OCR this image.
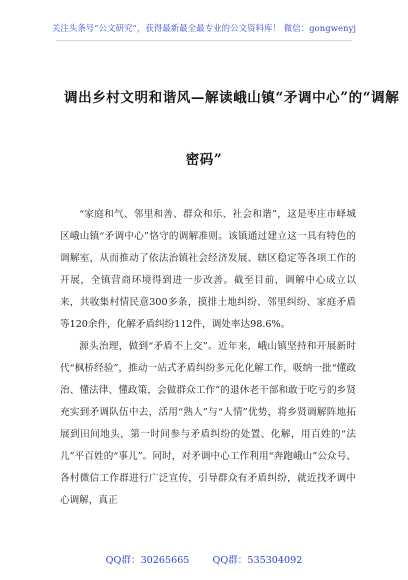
关注头条号“公文研究”，获得最新最全最专业的公文资料库！ 微信：gongwenyj
调出乡村文明和谐风—解读峨山镇“矛调中心”的“调解
密码”

“家庭和气、邻里和善、群众和乐、社会和谐”，这是枣庄市峄城区峨山镇“矛调中心”恪守的调解准则。该镇通过建立这一具有特色的调解室，从而推动了依法治镇社会经济发展、辖区稳定等各项工作的开展，全镇营商环境得到进一步改善。截至目前，调解中心成立以来，共收集村情民意300多条，摸排土地纠纷、邻里纠纷、家庭矛盾等120余件，化解矛盾纠纷112件，调处率达98.6%。

源头治理，做到“矛盾不上交”。近年来，峨山镇坚持和开展新时代“枫桥经验”，推动一站式矛盾纠纷多元化化解工作，吸纳一批“懂政治、懂法律、懂政策，会做群众工作”的退休老干部和敢于吃亏的乡贤充实到矛调队伍中去，活用“熟人”与“人情”优势，将乡贤调解阵地拓展到田间地头，第一时间参与矛盾纠纷的处置、化解，用百姓的“法儿”平百姓的“事儿”。同时，对矛调中心工作利用“奔跑峨山”公众号、各村微信工作群进行广泛宣传，引导群众有矛盾纠纷，就近找矛调中心调解，真正

QQ群：30265665 QQ群：535304092
